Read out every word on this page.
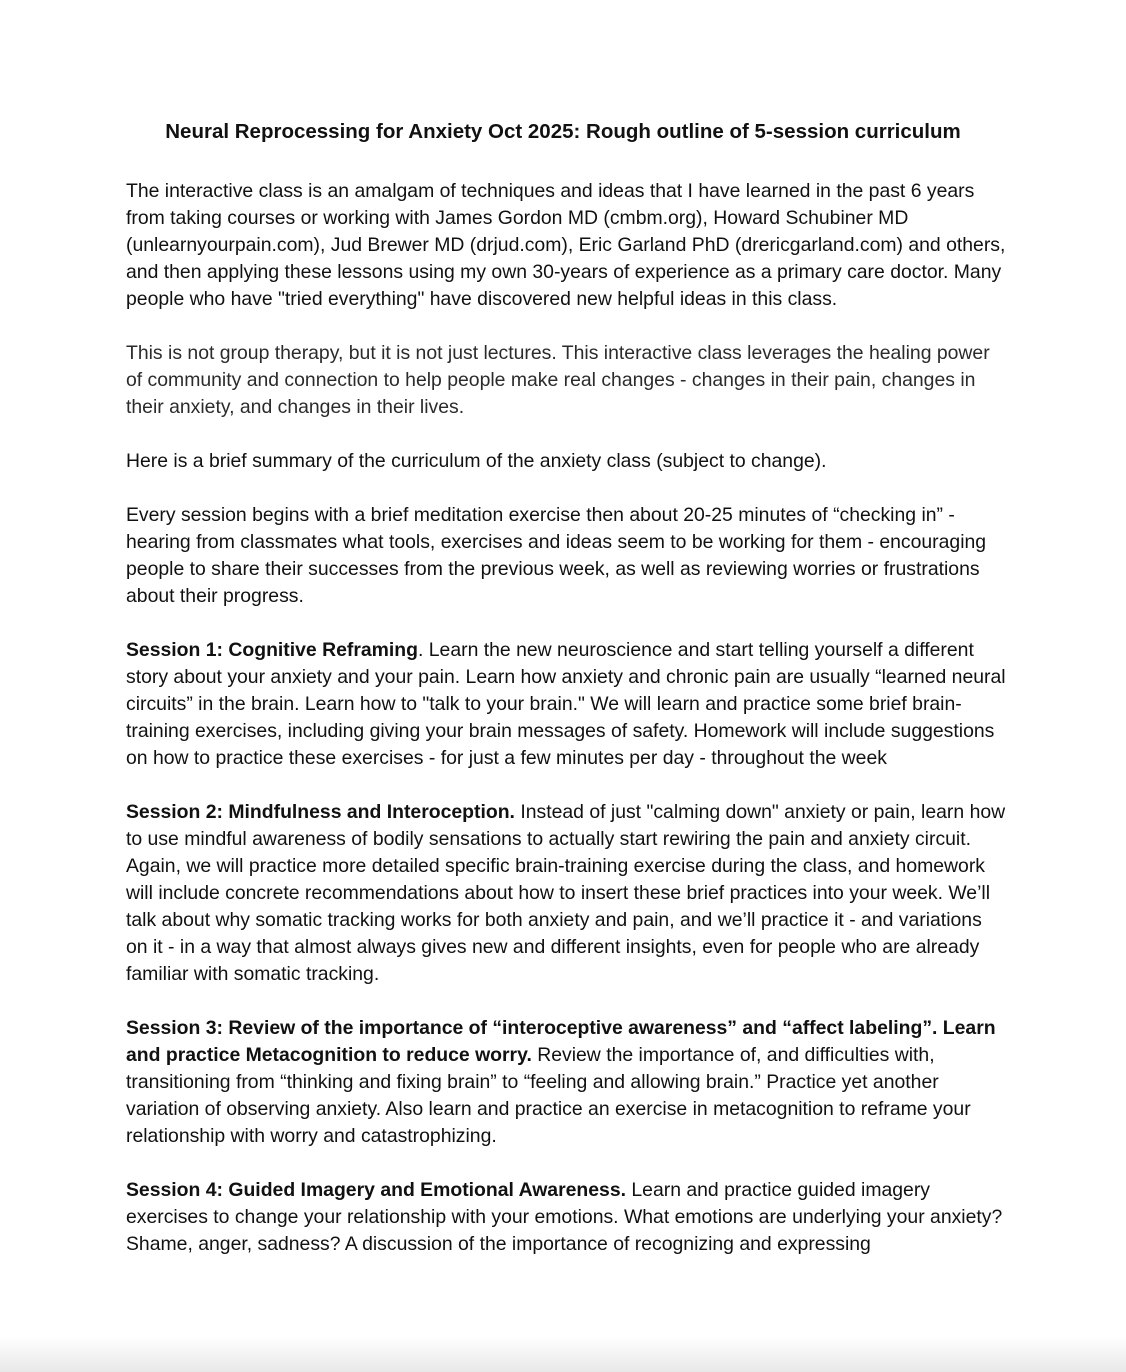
Neural Reprocessing for Anxiety Oct 2025: Rough outline of 5-session curriculum

The interactive class is an amalgam of techniques and ideas that I have learned in the past 6 years from taking courses or working with James Gordon MD (cmbm.org), Howard Schubiner MD (unlearnyourpain.com), Jud Brewer MD (drjud.com), Eric Garland PhD (drericgarland.com) and others, and then applying these lessons using my own 30-years of experience as a primary care doctor. Many people who have "tried everything" have discovered new helpful ideas in this class.

This is not group therapy, but it is not just lectures. This interactive class leverages the healing power of community and connection to help people make real changes - changes in their pain, changes in their anxiety, and changes in their lives.

Here is a brief summary of the curriculum of the anxiety class (subject to change).

Every session begins with a brief meditation exercise then about 20-25 minutes of “checking in” - hearing from classmates what tools, exercises and ideas seem to be working for them - encouraging people to share their successes from the previous week, as well as reviewing worries or frustrations about their progress.

Session 1: Cognitive Reframing. Learn the new neuroscience and start telling yourself a different story about your anxiety and your pain. Learn how anxiety and chronic pain are usually “learned neural circuits” in the brain. Learn how to "talk to your brain." We will learn and practice some brief brain-training exercises, including giving your brain messages of safety. Homework will include suggestions on how to practice these exercises - for just a few minutes per day - throughout the week

Session 2: Mindfulness and Interoception. Instead of just "calming down" anxiety or pain, learn how to use mindful awareness of bodily sensations to actually start rewiring the pain and anxiety circuit. Again, we will practice more detailed specific brain-training exercise during the class, and homework will include concrete recommendations about how to insert these brief practices into your week. We’ll talk about why somatic tracking works for both anxiety and pain, and we’ll practice it - and variations on it - in a way that almost always gives new and different insights, even for people who are already familiar with somatic tracking.

Session 3: Review of the importance of “interoceptive awareness” and “affect labeling”. Learn and practice Metacognition to reduce worry. Review the importance of, and difficulties with, transitioning from “thinking and fixing brain” to “feeling and allowing brain.” Practice yet another variation of observing anxiety. Also learn and practice an exercise in metacognition to reframe your relationship with worry and catastrophizing.

Session 4: Guided Imagery and Emotional Awareness. Learn and practice guided imagery exercises to change your relationship with your emotions. What emotions are underlying your anxiety? Shame, anger, sadness? A discussion of the importance of recognizing and expressing
